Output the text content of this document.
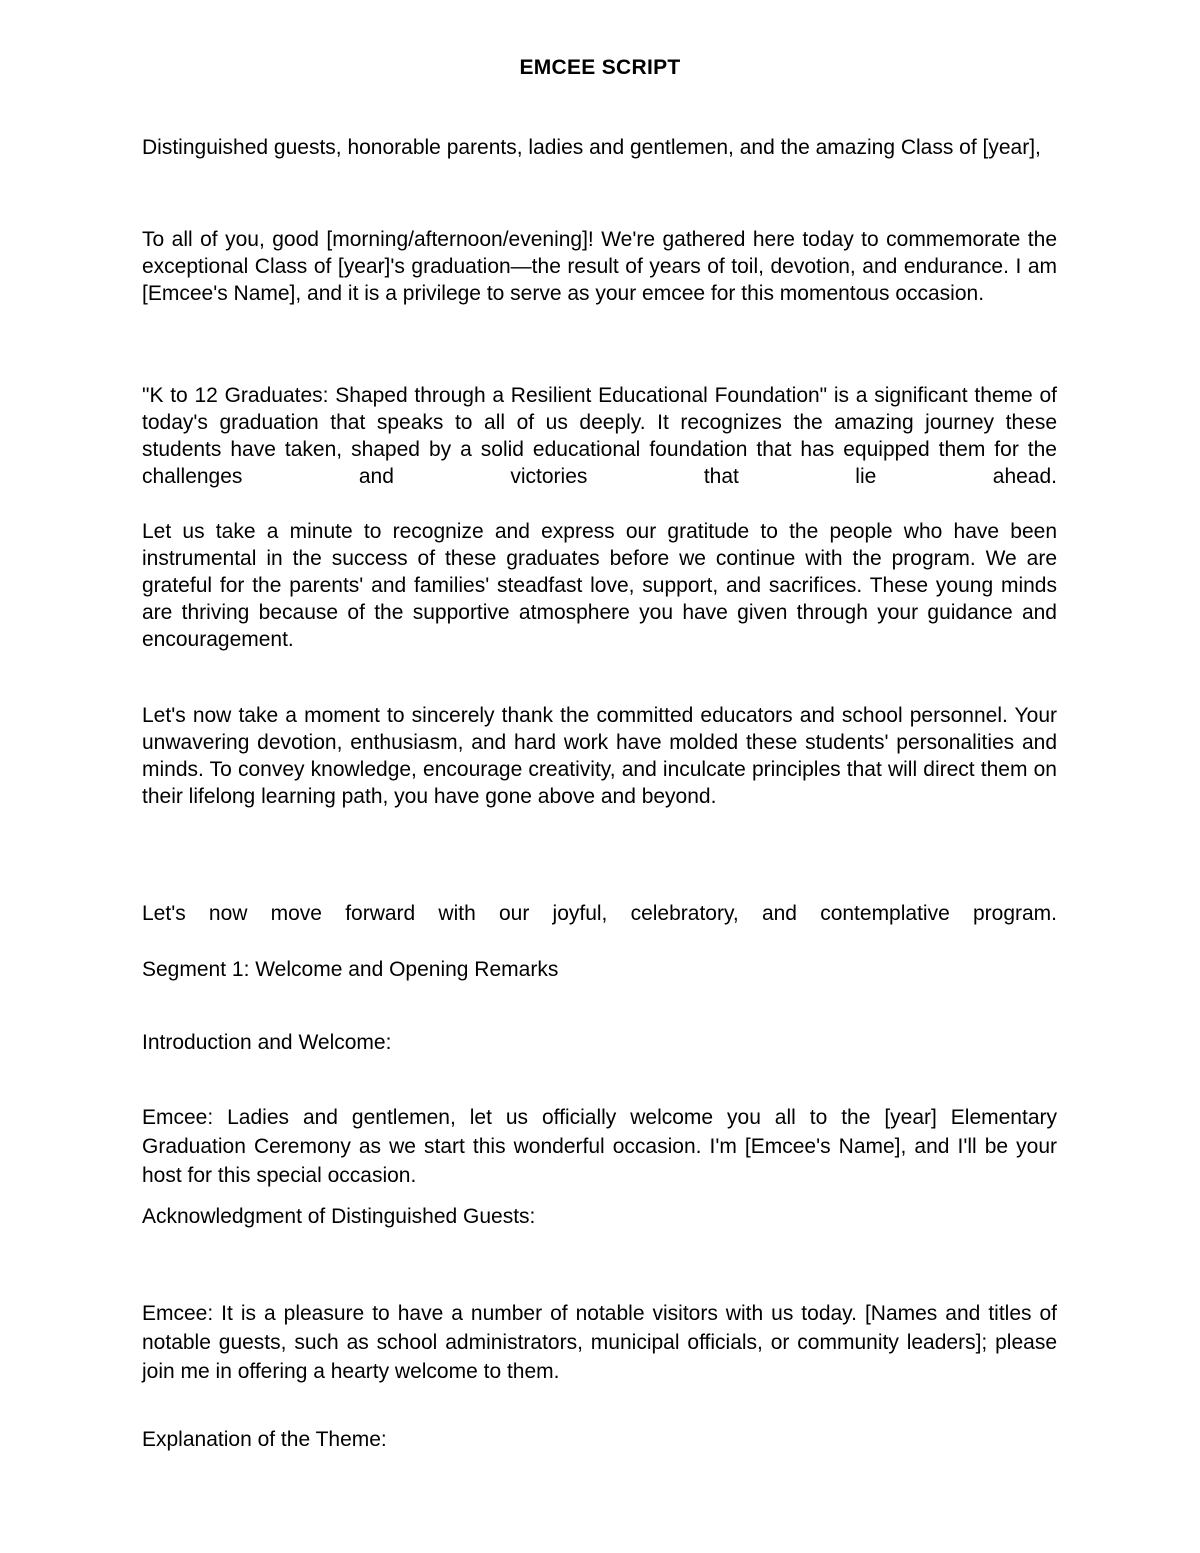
EMCEE SCRIPT

Distinguished guests, honorable parents, ladies and gentlemen, and the amazing Class of [year],

To all of you, good [morning/afternoon/evening]! We're gathered here today to commemorate the exceptional Class of [year]'s graduation—the result of years of toil, devotion, and endurance. I am [Emcee's Name], and it is a privilege to serve as your emcee for this momentous occasion.

"K to 12 Graduates: Shaped through a Resilient Educational Foundation" is a significant theme of today's graduation that speaks to all of us deeply. It recognizes the amazing journey these students have taken, shaped by a solid educational foundation that has equipped them for the challenges and victories that lie ahead.

Let us take a minute to recognize and express our gratitude to the people who have been instrumental in the success of these graduates before we continue with the program. We are grateful for the parents' and families' steadfast love, support, and sacrifices. These young minds are thriving because of the supportive atmosphere you have given through your guidance and encouragement.

Let's now take a moment to sincerely thank the committed educators and school personnel. Your unwavering devotion, enthusiasm, and hard work have molded these students' personalities and minds. To convey knowledge, encourage creativity, and inculcate principles that will direct them on their lifelong learning path, you have gone above and beyond.

Let's now move forward with our joyful, celebratory, and contemplative program.

Segment 1: Welcome and Opening Remarks

Introduction and Welcome:

Emcee: Ladies and gentlemen, let us officially welcome you all to the [year] Elementary Graduation Ceremony as we start this wonderful occasion. I'm [Emcee's Name], and I'll be your host for this special occasion.

Acknowledgment of Distinguished Guests:

Emcee: It is a pleasure to have a number of notable visitors with us today. [Names and titles of notable guests, such as school administrators, municipal officials, or community leaders]; please join me in offering a hearty welcome to them.

Explanation of the Theme:
